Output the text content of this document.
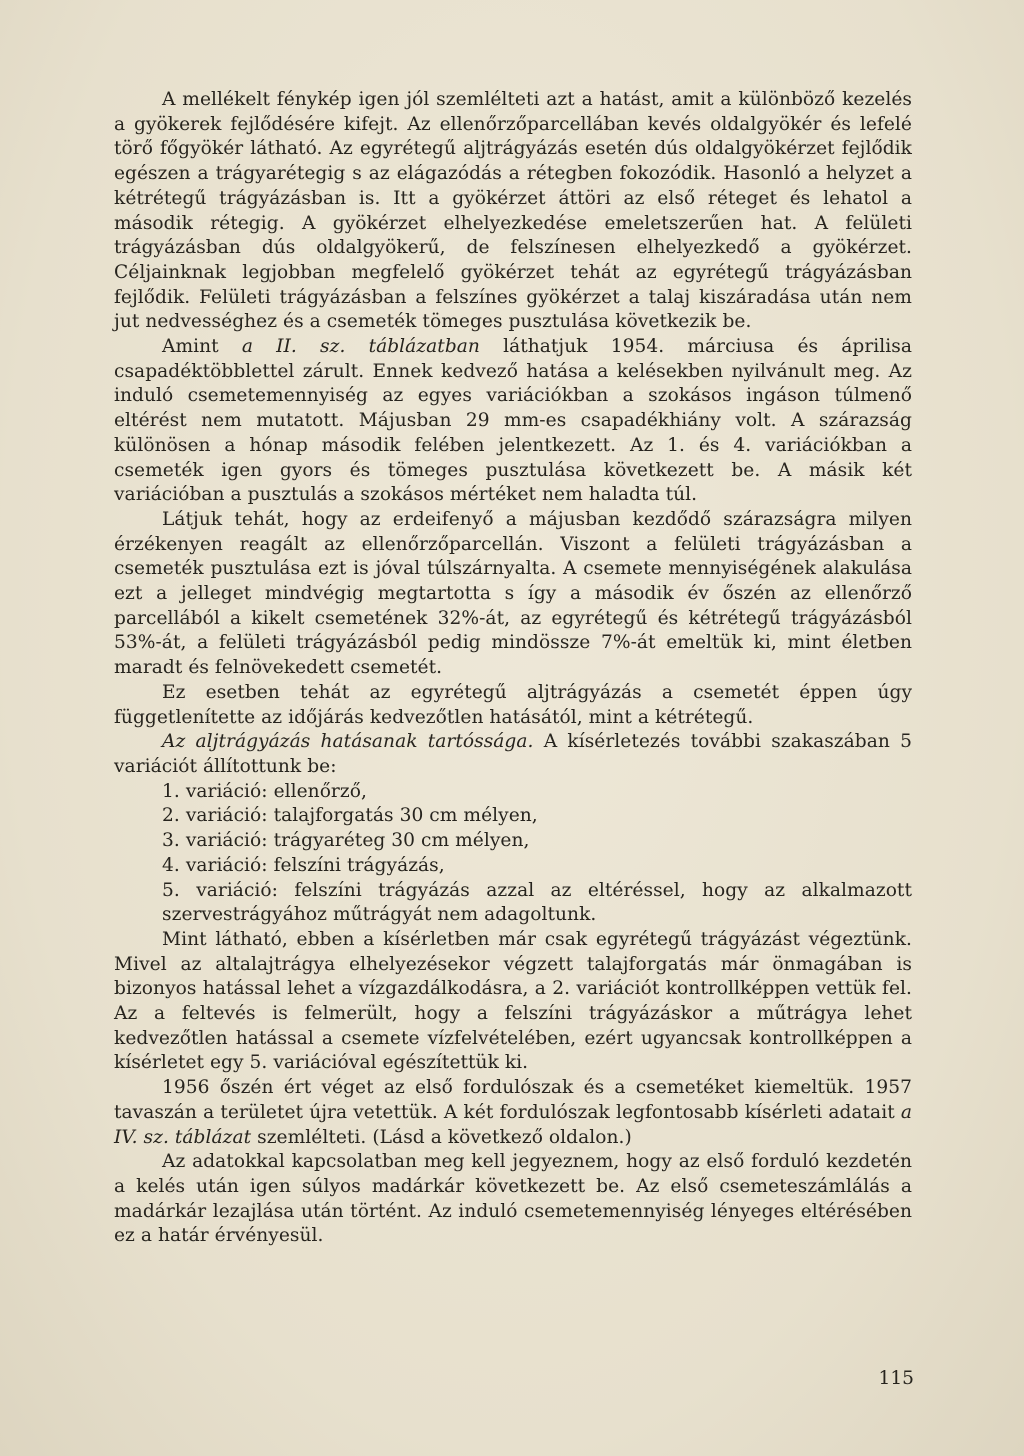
A mellékelt fénykép igen jól szemlélteti azt a hatást, amit a különböző kezelés a gyökerek fejlődésére kifejt. Az ellenőrzőparcellában kevés oldalgyökér és lefelé törő főgyökér látható. Az egyrétegű aljtrágyázás esetén dús oldalgyökérzet fejlődik egészen a trágyarétegig s az elágazódás a rétegben fokozódik. Hasonló a helyzet a kétrétegű trágyázásban is. Itt a gyökérzet áttöri az első réteget és lehatol a második rétegig. A gyökérzet elhelyezkedése emeletszerűen hat. A felületi trágyázásban dús oldalgyökerű, de felszínesen elhelyezkedő a gyökérzet. Céljainknak legjobban megfelelő gyökérzet tehát az egyrétegű trágyázásban fejlődik. Felületi trágyázásban a felszínes gyökérzet a talaj kiszáradása után nem jut nedvességhez és a csemeték tömeges pusztulása következik be.

Amint a II. sz. táblázatban láthatjuk 1954. márciusa és áprilisa csapadéktöbblettel zárult. Ennek kedvező hatása a kelésekben nyilvánult meg. Az induló csemetemennyiség az egyes variációkban a szokásos ingáson túlmenő eltérést nem mutatott. Májusban 29 mm-es csapadékhiány volt. A szárazság különösen a hónap második felében jelentkezett. Az 1. és 4. variációkban a csemeték igen gyors és tömeges pusztulása következett be. A másik két variációban a pusztulás a szokásos mértéket nem haladta túl.

Látjuk tehát, hogy az erdeifenyő a májusban kezdődő szárazságra milyen érzékenyen reagált az ellenőrzőparcellán. Viszont a felületi trágyázásban a csemeték pusztulása ezt is jóval túlszárnyalta. A csemete mennyiségének alakulása ezt a jelleget mindvégig megtartotta s így a második év őszén az ellenőrző parcellából a kikelt csemetének 32%-át, az egyrétegű és kétrétegű trágyázásból 53%-át, a felületi trágyázásból pedig mindössze 7%-át emeltük ki, mint életben maradt és felnövekedett csemetét.

Ez esetben tehát az egyrétegű aljtrágyázás a csemetét éppen úgy függetlenítette az időjárás kedvezőtlen hatásától, mint a kétrétegű.

Az aljtrágyázás hatásanak tartóssága. A kísérletezés további szakaszában 5 variációt állítottunk be:

1. variáció: ellenőrző,
2. variáció: talajforgatás 30 cm mélyen,
3. variáció: trágyaréteg 30 cm mélyen,
4. variáció: felszíni trágyázás,
5. variáció: felszíni trágyázás azzal az eltéréssel, hogy az alkalmazott szervestrágyához műtrágyát nem adagoltunk.

Mint látható, ebben a kísérletben már csak egyrétegű trágyázást végeztünk. Mivel az altalajtrágya elhelyezésekor végzett talajforgatás már önmagában is bizonyos hatással lehet a vízgazdálkodásra, a 2. variációt kontrollképpen vettük fel. Az a feltevés is felmerült, hogy a felszíni trágyázáskor a műtrágya lehet kedvezőtlen hatással a csemete vízfelvételében, ezért ugyancsak kontrollképpen a kísérletet egy 5. variációval egészítettük ki.

1956 őszén ért véget az első fordulószak és a csemetéket kiemeltük. 1957 tavaszán a területet újra vetettük. A két fordulószak legfontosabb kísérleti adatait a IV. sz. táblázat szemlélteti. (Lásd a következő oldalon.)

Az adatokkal kapcsolatban meg kell jegyeznem, hogy az első forduló kezdetén a kelés után igen súlyos madárkár következett be. Az első csemeteszámlálás a madárkár lezajlása után történt. Az induló csemetemennyiség lényeges eltérésében ez a határ érvényesül.

115
